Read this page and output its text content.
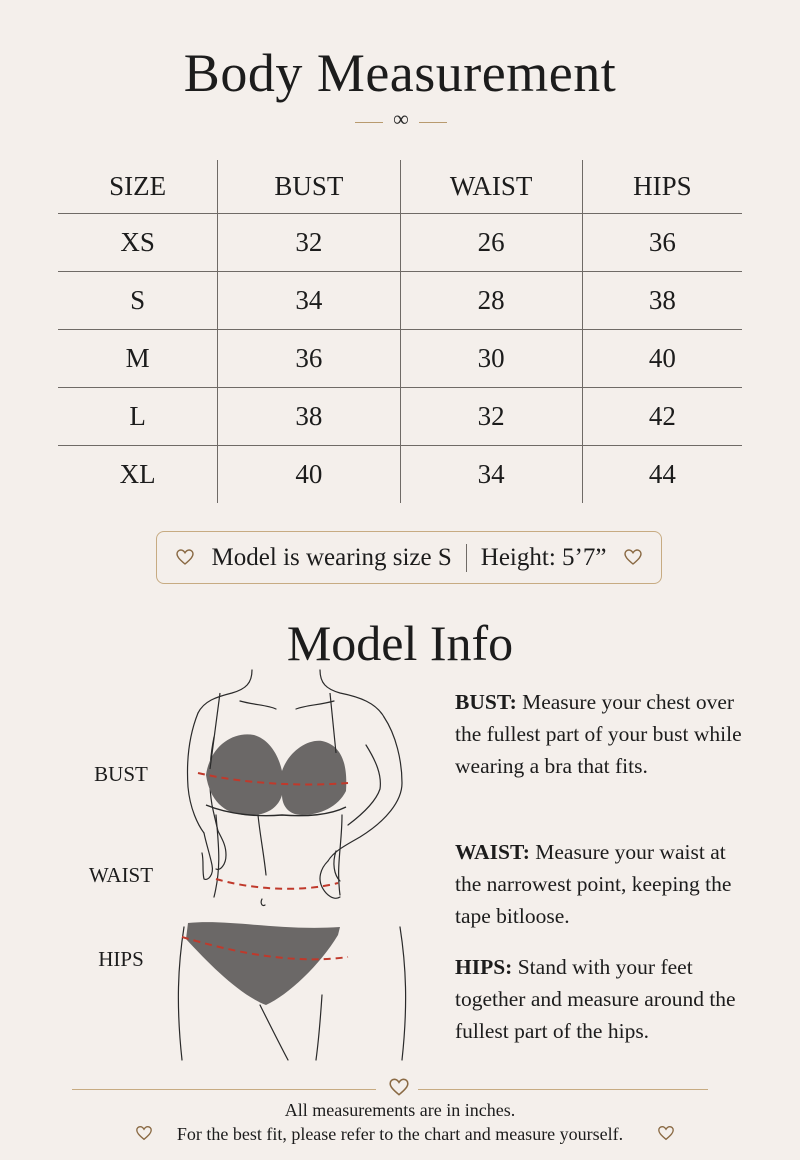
Body Measurement
∞
SIZE	BUST	WAIST	HIPS
XS	32	26	36
S	34	28	38
M	36	30	40
L	38	32	42
XL	40	34	44
Model is wearing size S Height: 5’7”
Model Info
BUST
WAIST
HIPS
BUST: Measure your chest over the fullest part of your bust while wearing a bra that fits.
WAIST: Measure your waist at the narrowest point, keeping the tape bitloose.
HIPS: Stand with your feet together and measure around the fullest part of the hips.
All measurements are in inches.
For the best fit, please refer to the chart and measure yourself.
